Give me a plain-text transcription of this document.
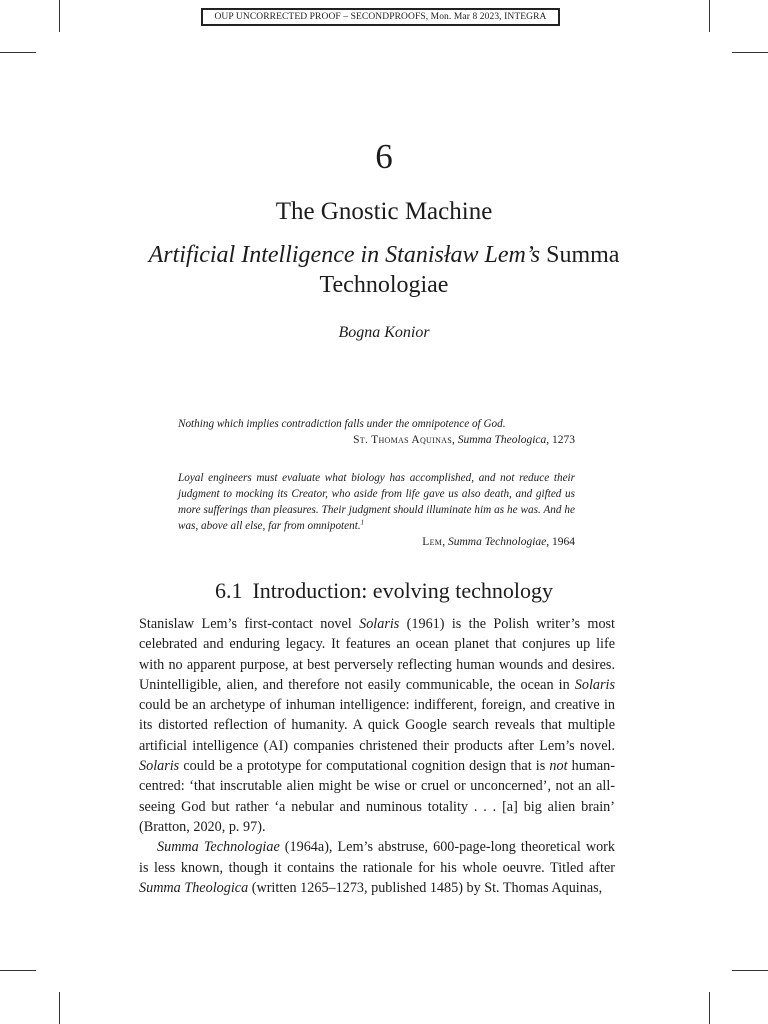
OUP UNCORRECTED PROOF – SECONDPROOFS, Mon. Mar 8 2023, INTEGRA
6
The Gnostic Machine
Artificial Intelligence in Stanisław Lem’s Summa Technologiae
Bogna Konior
Nothing which implies contradiction falls under the omnipotence of God.
St. Thomas Aquinas, Summa Theologica, 1273
Loyal engineers must evaluate what biology has accomplished, and not reduce their judgment to mocking its Creator, who aside from life gave us also death, and gifted us more sufferings than pleasures. Their judgment should illuminate him as he was. And he was, above all else, far from omnipotent.$^1$
Lem, Summa Technologiae, 1964
6.1 Introduction: evolving technology

Stanislaw Lem’s first-contact novel Solaris (1961) is the Polish writer’s most celebrated and enduring legacy. It features an ocean planet that conjures up life with no apparent purpose, at best perversely reflecting human wounds and desires. Unintelligible, alien, and therefore not easily communicable, the ocean in Solaris could be an archetype of inhuman intelligence: indifferent, foreign, and creative in its distorted reflection of humanity. A quick Google search reveals that multiple artificial intelligence (AI) companies christened their products after Lem’s novel. Solaris could be a prototype for computational cognition design that is not human-centred: ‘that inscrutable alien might be wise or cruel or unconcerned’, not an all-seeing God but rather ‘a nebular and numinous totality . . . [a] big alien brain’ (Bratton, 2020, p. 97).

Summa Technologiae (1964a), Lem’s abstruse, 600-page-long theoretical work is less known, though it contains the rationale for his whole oeuvre. Titled after Summa Theologica (written 1265–1273, published 1485) by St. Thomas Aquinas,
